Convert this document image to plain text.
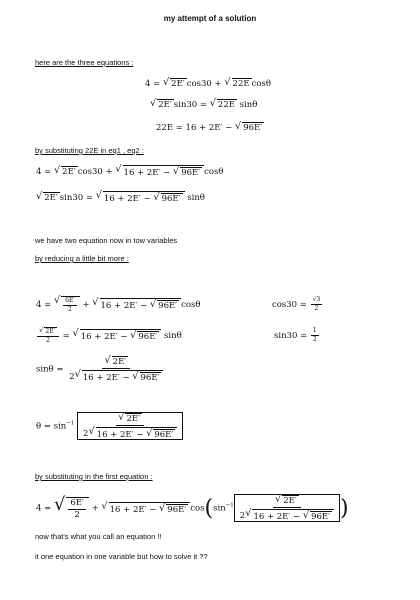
my attempt of a solution
here are the three equations :
4 = √ 2E′ cos30 + √ 22E cosθ
√ 2E′ sin30 = √ 22E sinθ
22E = 16 + 2E′ − √ 96E′
by substituting 22E in eq1 , eq2 :
4 = √ 2E′ cos30 + √ 16 + 2E′ − √ 96E′ cosθ
√ 2E′ sin30 = √ 16 + 2E′ − √ 96E′ sinθ
we have two equation now in tow variables
by reducing a little bit more :
4 = √ $\frac{6E'}{2}$ + √ 16 + 2E′ − √ 96E′ cosθ	$\cos 30 = \frac{√3}{2}$
$\frac{√ 2E'}{2}$ = √ 16 + 2E′ − √ 96E′ sinθ	$\sin 30 = \frac{1}{2}$
$\sin\theta = \frac{√ 2E'}{2 √ 16 + 2E' - √ 96E'}$
$\theta = \sin^{-1} \frac{√ 2E'}{2 √ 16 + 2E' - √ 96E'}$
by substituting in the first equation :
4 = √ $\frac{6E'}{2}$ + √ 16 + 2E′ − √ 96E′ $\cos(\sin^{-1} \frac{√ 2E'}{2 √ 16 + 2E' - √ 96E'}$ )
now that's what you call an equation !!
it one equation in one variable but how to solve it ??
